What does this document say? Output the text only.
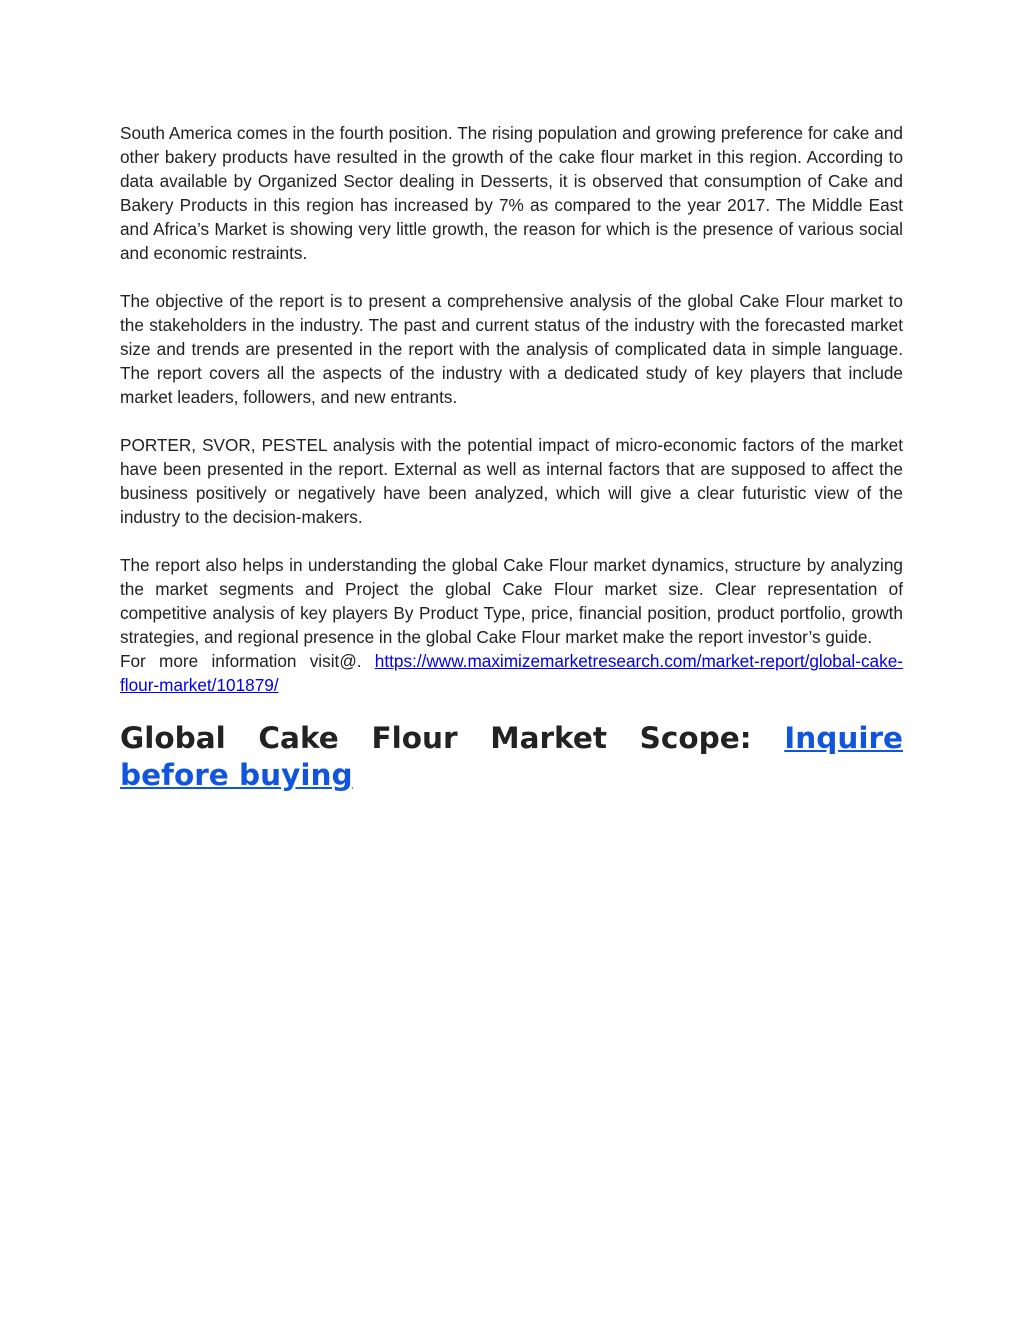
South America comes in the fourth position. The rising population and growing preference for cake and other bakery products have resulted in the growth of the cake flour market in this region. According to data available by Organized Sector dealing in Desserts, it is observed that consumption of Cake and Bakery Products in this region has increased by 7% as compared to the year 2017. The Middle East and Africa’s Market is showing very little growth, the reason for which is the presence of various social and economic restraints.

The objective of the report is to present a comprehensive analysis of the global Cake Flour market to the stakeholders in the industry. The past and current status of the industry with the forecasted market size and trends are presented in the report with the analysis of complicated data in simple language. The report covers all the aspects of the industry with a dedicated study of key players that include market leaders, followers, and new entrants.

PORTER, SVOR, PESTEL analysis with the potential impact of micro-economic factors of the market have been presented in the report. External as well as internal factors that are supposed to affect the business positively or negatively have been analyzed, which will give a clear futuristic view of the industry to the decision-makers.

The report also helps in understanding the global Cake Flour market dynamics, structure by analyzing the market segments and Project the global Cake Flour market size. Clear representation of competitive analysis of key players By Product Type, price, financial position, product portfolio, growth strategies, and regional presence in the global Cake Flour market make the report investor’s guide.

For more information visit@. https://www.maximizemarketresearch.com/market-report/global-cake-flour-market/101879/

Global Cake Flour Market Scope: Inquire before buying
